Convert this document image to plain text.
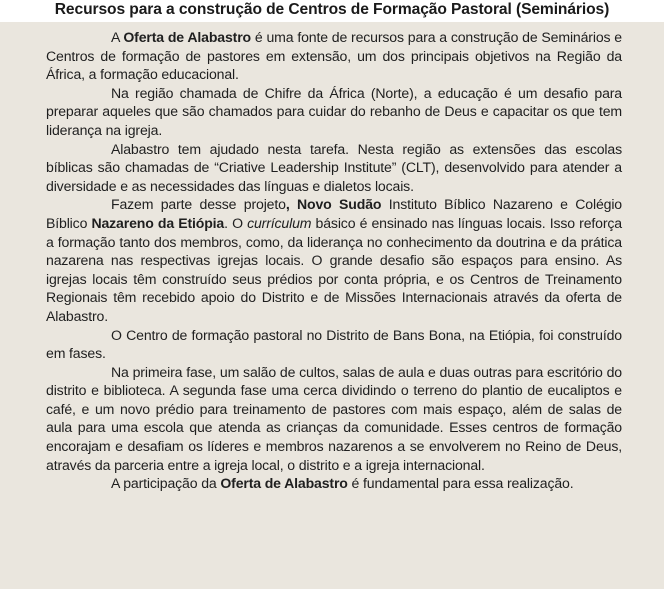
Recursos para a construção de Centros de Formação Pastoral (Seminários)

A Oferta de Alabastro é uma fonte de recursos para a construção de Seminários e Centros de formação de pastores em extensão, um dos principais objetivos na Região da África, a formação educacional.

Na região chamada de Chifre da África (Norte), a educação é um desafio para preparar aqueles que são chamados para cuidar do rebanho de Deus e capacitar os que tem liderança na igreja.

Alabastro tem ajudado nesta tarefa. Nesta região as extensões das escolas bíblicas são chamadas de “Criative Leadership Institute” (CLT), desenvolvido para atender a diversidade e as necessidades das línguas e dialetos locais.

Fazem parte desse projeto, Novo Sudão Instituto Bíblico Nazareno e Colégio Bíblico Nazareno da Etiópia. O currículum básico é ensinado nas línguas locais. Isso reforça a formação tanto dos membros, como, da liderança no conhecimento da doutrina e da prática nazarena nas respectivas igrejas locais. O grande desafio são espaços para ensino. As igrejas locais têm construído seus prédios por conta própria, e os Centros de Treinamento Regionais têm recebido apoio do Distrito e de Missões Internacionais através da oferta de Alabastro.

O Centro de formação pastoral no Distrito de Bans Bona, na Etiópia, foi construído em fases.

Na primeira fase, um salão de cultos, salas de aula e duas outras para escritório do distrito e biblioteca. A segunda fase uma cerca dividindo o terreno do plantio de eucaliptos e café, e um novo prédio para treinamento de pastores com mais espaço, além de salas de aula para uma escola que atenda as crianças da comunidade. Esses centros de formação encorajam e desafiam os líderes e membros nazarenos a se envolverem no Reino de Deus, através da parceria entre a igreja local, o distrito e a igreja internacional.

A participação da Oferta de Alabastro é fundamental para essa realização.
